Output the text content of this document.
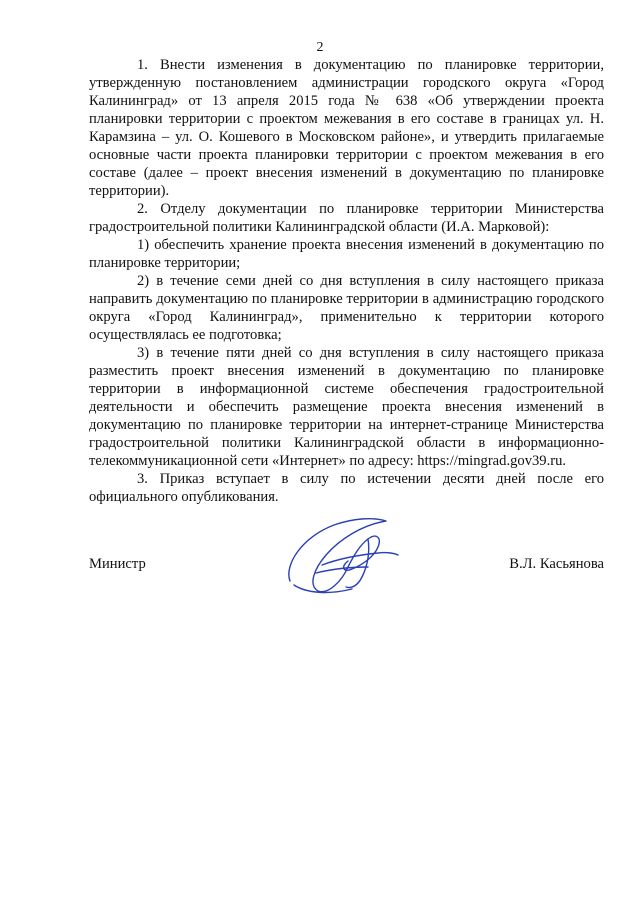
2

1. Внести изменения в документацию по планировке территории, утвержденную постановлением администрации городского округа «Город Калининград» от 13 апреля 2015 года № 638 «Об утверждении проекта планировки территории с проектом межевания в его составе в границах ул. Н. Карамзина – ул. О. Кошевого в Московском районе», и утвердить прилагаемые основные части проекта планировки территории с проектом межевания в его составе (далее – проект внесения изменений в документацию по планировке территории).

2. Отделу документации по планировке территории Министерства градостроительной политики Калининградской области (И.А. Марковой):

1) обеспечить хранение проекта внесения изменений в документацию по планировке территории;

2) в течение семи дней со дня вступления в силу настоящего приказа направить документацию по планировке территории в администрацию городского округа «Город Калининград», применительно к территории которого осуществлялась ее подготовка;

3) в течение пяти дней со дня вступления в силу настоящего приказа разместить проект внесения изменений в документацию по планировке территории в информационной системе обеспечения градостроительной деятельности и обеспечить размещение проекта внесения изменений в документацию по планировке территории на интернет-странице Министерства градостроительной политики Калининградской области в информационно-телекоммуникационной сети «Интернет» по адресу: https://mingrad.gov39.ru.

3. Приказ вступает в силу по истечении десяти дней после его официального опубликования.

Министр	В.Л. Касьянова
